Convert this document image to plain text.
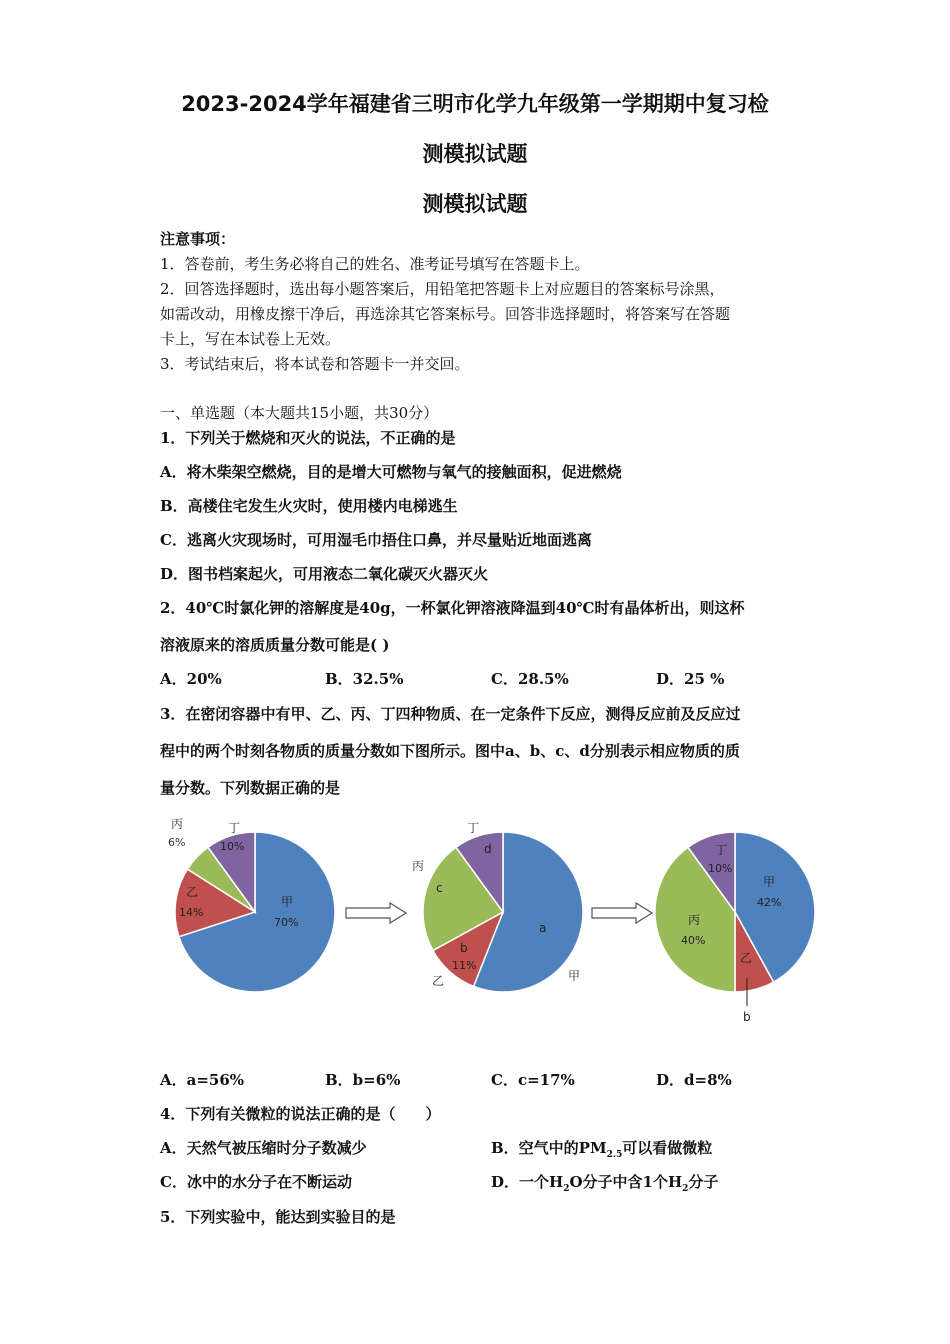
2023-2024学年福建省三明市化学九年级第一学期期中复习检
测模拟试题
测模拟试题
注意事项：
1．答卷前，考生务必将自己的姓名、准考证号填写在答题卡上。
2．回答选择题时，选出每小题答案后，用铅笔把答题卡上对应题目的答案标号涂黑，
如需改动，用橡皮擦干净后，再选涂其它答案标号。回答非选择题时，将答案写在答题
卡上，写在本试卷上无效。
3．考试结束后，将本试卷和答题卡一并交回。
一、单选题（本大题共15小题，共30分）
1．下列关于燃烧和灭火的说法，不正确的是
A．将木柴架空燃烧，目的是增大可燃物与氧气的接触面积，促进燃烧
B．高楼住宅发生火灾时，使用楼内电梯逃生
C．逃离火灾现场时，可用湿毛巾捂住口鼻，并尽量贴近地面逃离
D．图书档案起火，可用液态二氧化碳灭火器灭火
2．40℃时氯化钾的溶解度是40g，一杯氯化钾溶液降温到40℃时有晶体析出，则这杯
溶液原来的溶质质量分数可能是( )
A．20%	B．32.5%	C．28.5%	D．25 %
3．在密闭容器中有甲、乙、丙、丁四种物质、在一定条件下反应，测得反应前及反应过
程中的两个时刻各物质的质量分数如下图所示。图中a、b、c、d分别表示相应物质的质
量分数。下列数据正确的是
丙
6%
丁
10%
乙
14%
甲
70%
丁
d
丙
c
a
b
11%
乙	甲
丁
10%
甲
42%
丙
40%
乙
b
A．a=56%	B．b=6%	C．c=17%	D．d=8%
4．下列有关微粒的说法正确的是（　　）
A．天然气被压缩时分子数减少	B．空气中的$PM_{2.5}$可以看做微粒
C．冰中的水分子在不断运动	D．一个$H_2O$分子中含1个$H_2$分子
5．下列实验中，能达到实验目的是
